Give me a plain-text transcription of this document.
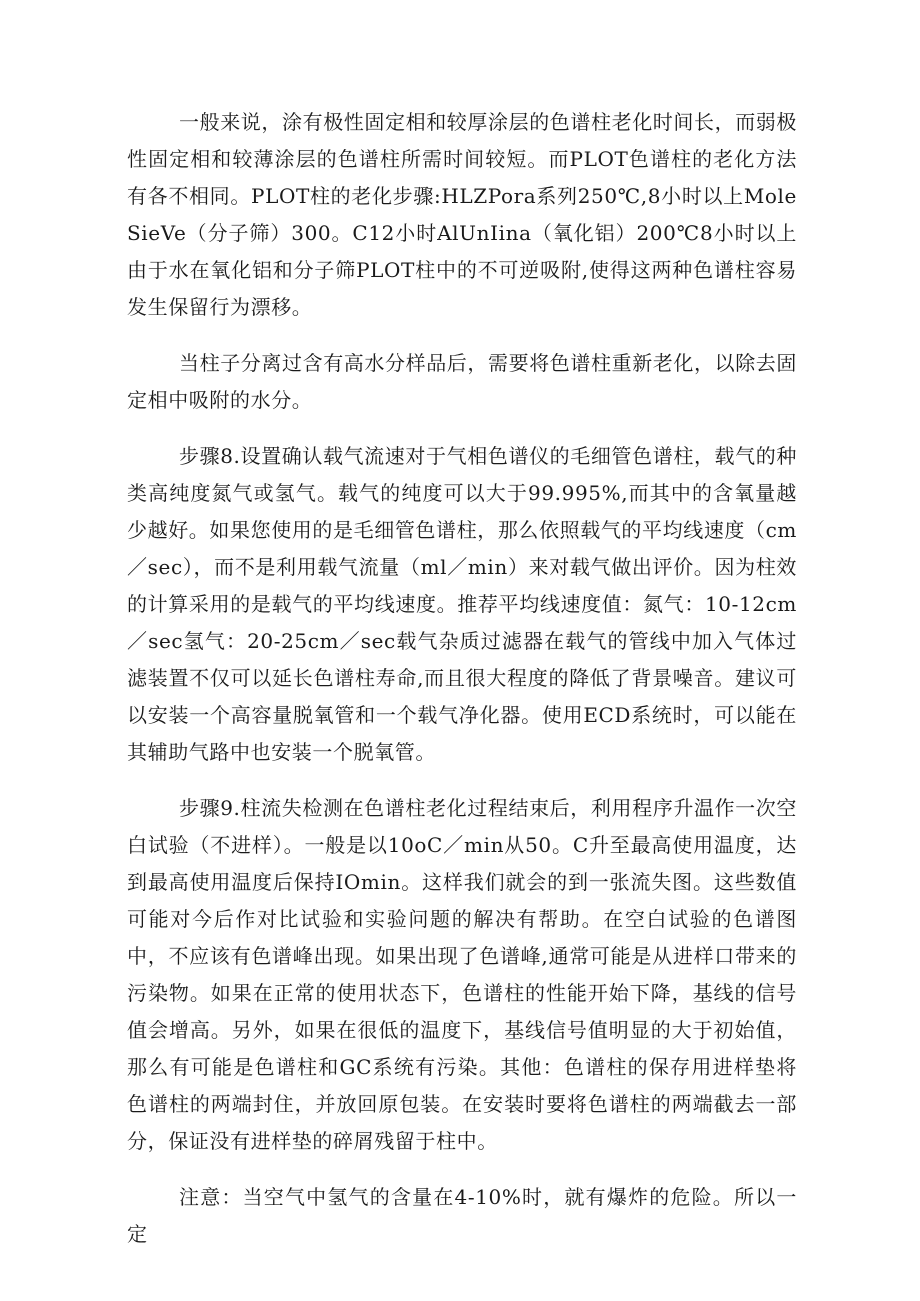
一般来说，涂有极性固定相和较厚涂层的色谱柱老化时间长，而弱极性固定相和较薄涂层的色谱柱所需时间较短。而PLOT色谱柱的老化方法有各不相同。PLOT柱的老化步骤:HLZPora系列250℃,8小时以上MoleSieVe（分子筛）300。C12小时AlUnIina（氧化铝）200℃8小时以上由于水在氧化铝和分子筛PLOT柱中的不可逆吸附,使得这两种色谱柱容易发生保留行为漂移。

当柱子分离过含有高水分样品后，需要将色谱柱重新老化，以除去固定相中吸附的水分。

步骤8.设置确认载气流速对于气相色谱仪的毛细管色谱柱，载气的种类高纯度氮气或氢气。载气的纯度可以大于99.995%,而其中的含氧量越少越好。如果您使用的是毛细管色谱柱，那么依照载气的平均线速度（cm／sec），而不是利用载气流量（ml／min）来对载气做出评价。因为柱效的计算采用的是载气的平均线速度。推荐平均线速度值：氮气：10-12cm／sec氢气：20-25cm／sec载气杂质过滤器在载气的管线中加入气体过滤装置不仅可以延长色谱柱寿命,而且很大程度的降低了背景噪音。建议可以安装一个高容量脱氧管和一个载气净化器。使用ECD系统时，可以能在其辅助气路中也安装一个脱氧管。

步骤9.柱流失检测在色谱柱老化过程结束后，利用程序升温作一次空白试验（不进样）。一般是以10oC／min从50。C升至最高使用温度，达到最高使用温度后保持IOmin。这样我们就会的到一张流失图。这些数值可能对今后作对比试验和实验问题的解决有帮助。在空白试验的色谱图中，不应该有色谱峰出现。如果出现了色谱峰,通常可能是从进样口带来的污染物。如果在正常的使用状态下，色谱柱的性能开始下降，基线的信号值会增高。另外，如果在很低的温度下，基线信号值明显的大于初始值，那么有可能是色谱柱和GC系统有污染。其他：色谱柱的保存用进样垫将色谱柱的两端封住，并放回原包装。在安装时要将色谱柱的两端截去一部分，保证没有进样垫的碎屑残留于柱中。

注意：当空气中氢气的含量在4-10%时，就有爆炸的危险。所以一定
